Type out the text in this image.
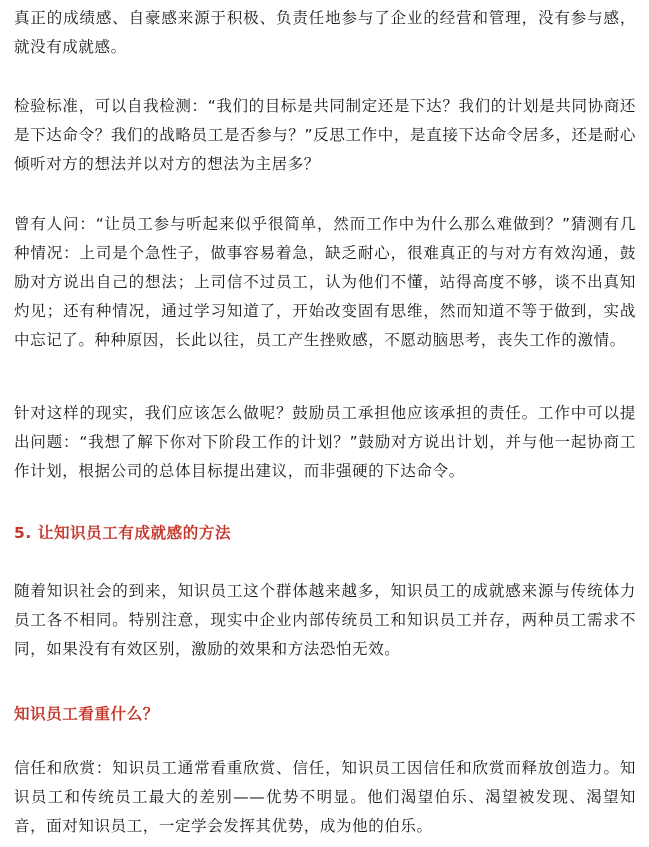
真正的成绩感、自豪感来源于积极、负责任地参与了企业的经营和管理，没有参与感，就没有成就感。

检验标准，可以自我检测：“我们的目标是共同制定还是下达？我们的计划是共同协商还是下达命令？我们的战略员工是否参与？”反思工作中，是直接下达命令居多，还是耐心倾听对方的想法并以对方的想法为主居多？

曾有人问：“让员工参与听起来似乎很简单，然而工作中为什么那么难做到？”猜测有几种情况：上司是个急性子，做事容易着急，缺乏耐心，很难真正的与对方有效沟通，鼓励对方说出自己的想法；上司信不过员工，认为他们不懂，站得高度不够，谈不出真知灼见；还有种情况，通过学习知道了，开始改变固有思维，然而知道不等于做到，实战中忘记了。种种原因，长此以往，员工产生挫败感，不愿动脑思考，丧失工作的激情。

针对这样的现实，我们应该怎么做呢？鼓励员工承担他应该承担的责任。工作中可以提出问题：“我想了解下你对下阶段工作的计划？”鼓励对方说出计划，并与他一起协商工作计划，根据公司的总体目标提出建议，而非强硬的下达命令。

5. 让知识员工有成就感的方法

随着知识社会的到来，知识员工这个群体越来越多，知识员工的成就感来源与传统体力员工各不相同。特别注意，现实中企业内部传统员工和知识员工并存，两种员工需求不同，如果没有有效区别，激励的效果和方法恐怕无效。

知识员工看重什么？

信任和欣赏：知识员工通常看重欣赏、信任，知识员工因信任和欣赏而释放创造力。知识员工和传统员工最大的差别——优势不明显。他们渴望伯乐、渴望被发现、渴望知音，面对知识员工，一定学会发挥其优势，成为他的伯乐。
